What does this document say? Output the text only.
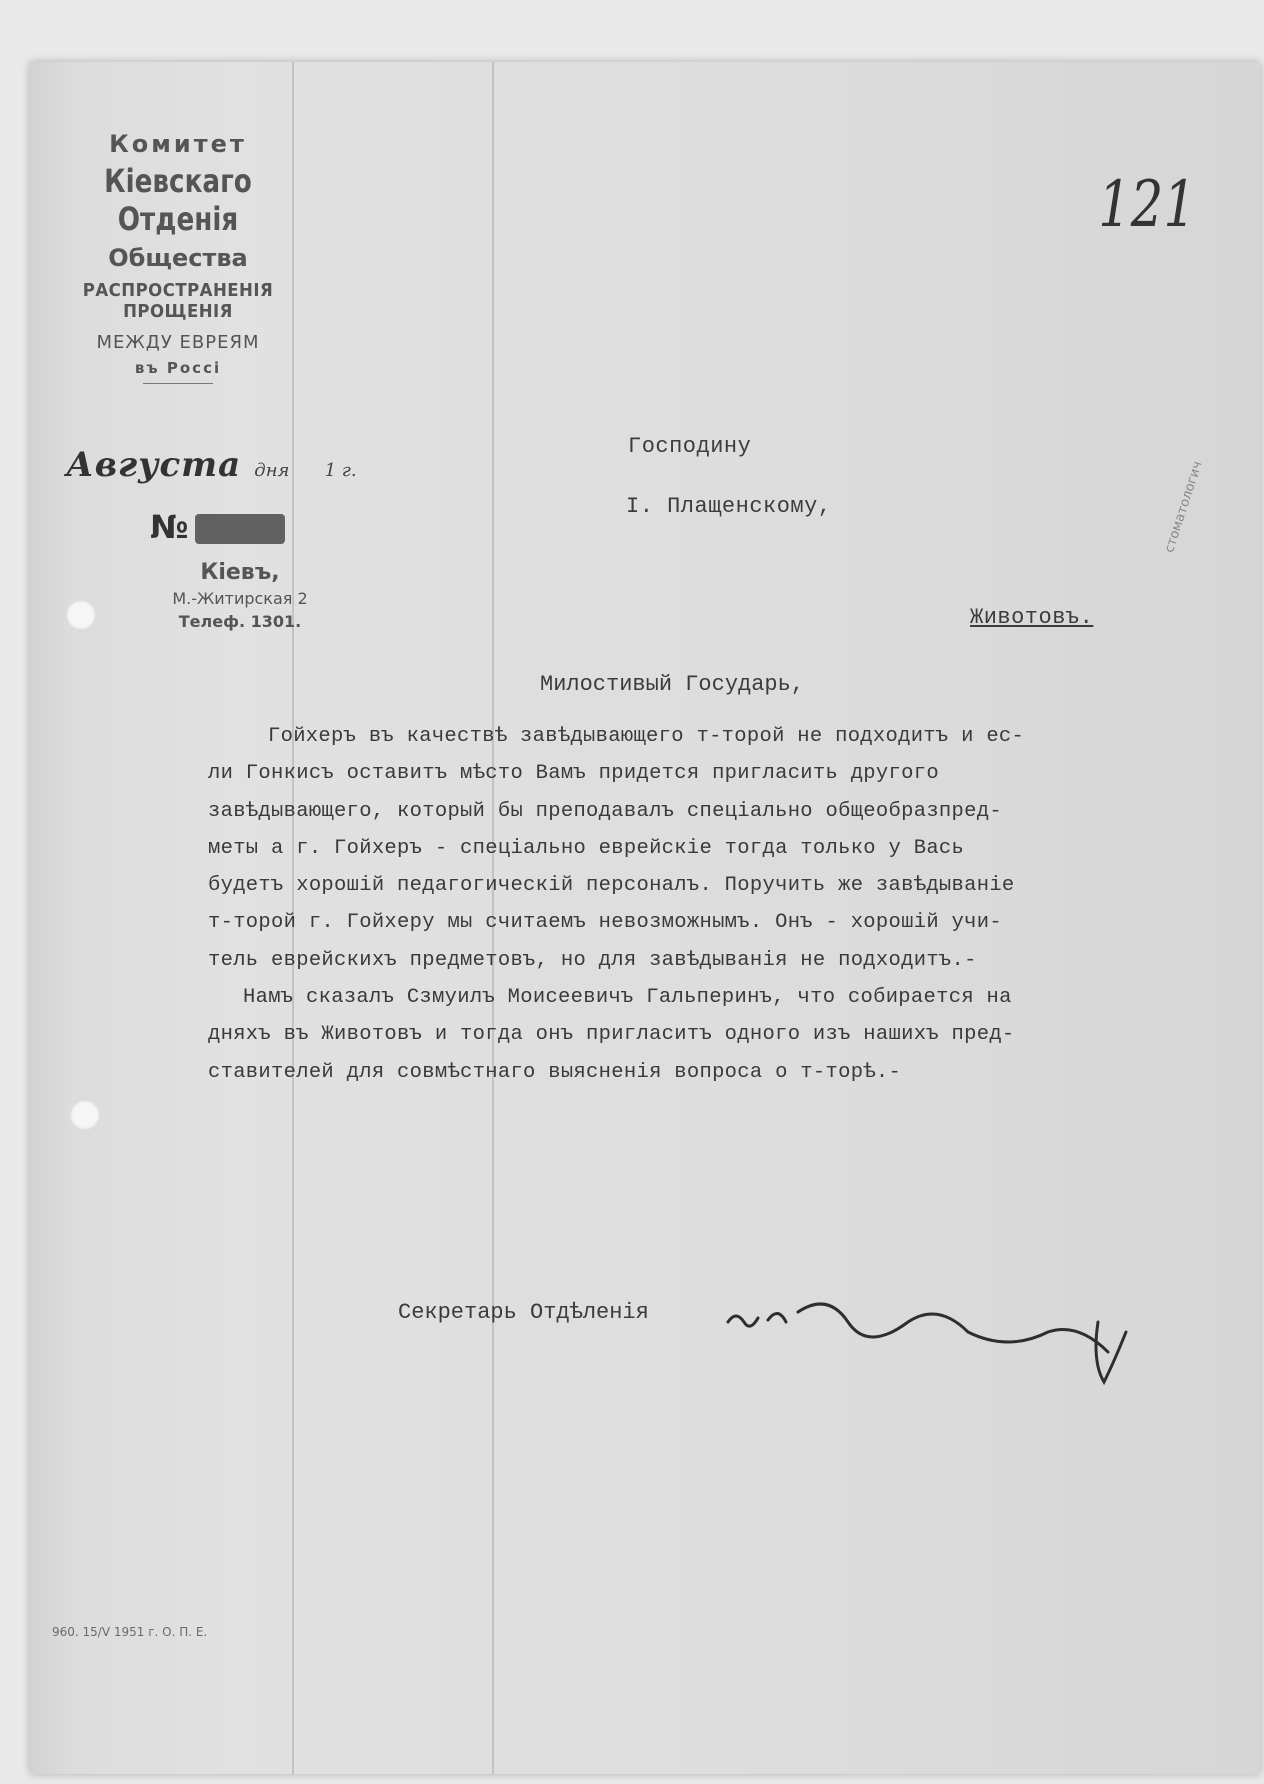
Комитет
Кіевскаго Отденія
Общества
РАСПРОСТРАНЕНІЯ ПРОЩЕНІЯ
МЕЖДУ ЕВРЕЯМ
въ Россі
Августа дня 1 г.
№
Кіевъ,
М.-Житирская 2
Телеф. 1301.
121
Господину
I. Плащенскому,
Животовъ.
Милостивый Государь,
Гойхеръ въ качествѣ завѣдывающего т-торой не подходитъ и ес-
ли Гонкисъ оставитъ мѣсто Вамъ придется пригласить другого
завѣдывающего, который бы преподавалъ спеціально общеобразпред-
меты а г. Гойхеръ - спеціально еврейскіе тогда только у Вась
будетъ хорошій педагогическій персоналъ. Поручить же завѣдываніе
т-торой г. Гойхеру мы считаемъ невозможнымъ. Онъ - хорошій учи-
тель еврейскихъ предметовъ, но для завѣдыванія не подходитъ.-
Намъ сказалъ Сзмуилъ Моисеевичъ Гальперинъ, что собирается на
дняхъ въ Животовъ и тогда онъ пригласитъ одного изъ нашихъ пред-
ставителей для совмѣстнаго выясненія вопроса о т-торѣ.-
Секретарь Отдѣленія
960. 15/V 1951 г. О. П. Е.
стоматологич
